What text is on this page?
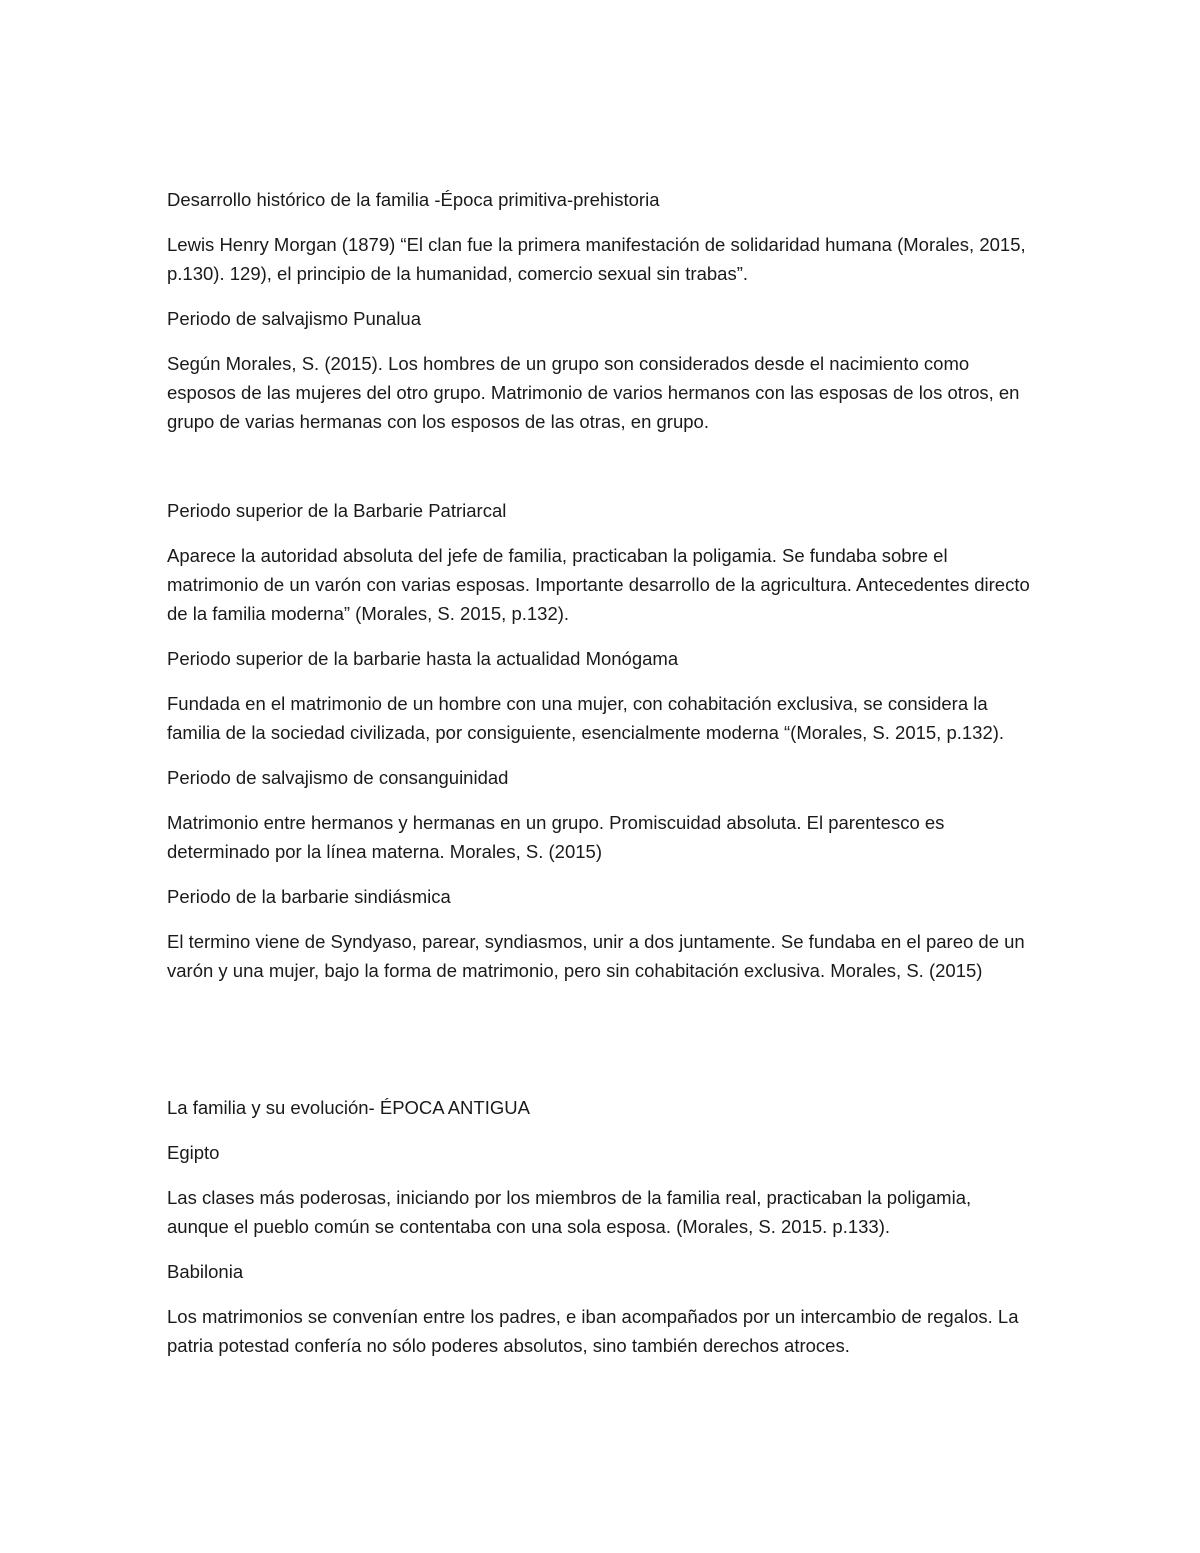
Desarrollo histórico de la familia -Época primitiva-prehistoria

Lewis Henry Morgan (1879) “El clan fue la primera manifestación de solidaridad humana (Morales, 2015, p.130). 129), el principio de la humanidad, comercio sexual sin trabas”.

Periodo de salvajismo Punalua

Según Morales, S. (2015). Los hombres de un grupo son considerados desde el nacimiento como esposos de las mujeres del otro grupo. Matrimonio de varios hermanos con las esposas de los otros, en grupo de varias hermanas con los esposos de las otras, en grupo.

Periodo superior de la Barbarie Patriarcal

Aparece la autoridad absoluta del jefe de familia, practicaban la poligamia. Se fundaba sobre el matrimonio de un varón con varias esposas. Importante desarrollo de la agricultura. Antecedentes directo de la familia moderna” (Morales, S. 2015, p.132).

Periodo superior de la barbarie hasta la actualidad Monógama

Fundada en el matrimonio de un hombre con una mujer, con cohabitación exclusiva, se considera la familia de la sociedad civilizada, por consiguiente, esencialmente moderna “(Morales, S. 2015, p.132).

Periodo de salvajismo de consanguinidad

Matrimonio entre hermanos y hermanas en un grupo. Promiscuidad absoluta. El parentesco es determinado por la línea materna. Morales, S. (2015)

Periodo de la barbarie sindiásmica

El termino viene de Syndyaso, parear, syndiasmos, unir a dos juntamente. Se fundaba en el pareo de un varón y una mujer, bajo la forma de matrimonio, pero sin cohabitación exclusiva. Morales, S. (2015)

La familia y su evolución- ÉPOCA ANTIGUA

Egipto

Las clases más poderosas, iniciando por los miembros de la familia real, practicaban la poligamia, aunque el pueblo común se contentaba con una sola esposa. (Morales, S. 2015. p.133).

Babilonia

Los matrimonios se convenían entre los padres, e iban acompañados por un intercambio de regalos. La patria potestad confería no sólo poderes absolutos, sino también derechos atroces.
